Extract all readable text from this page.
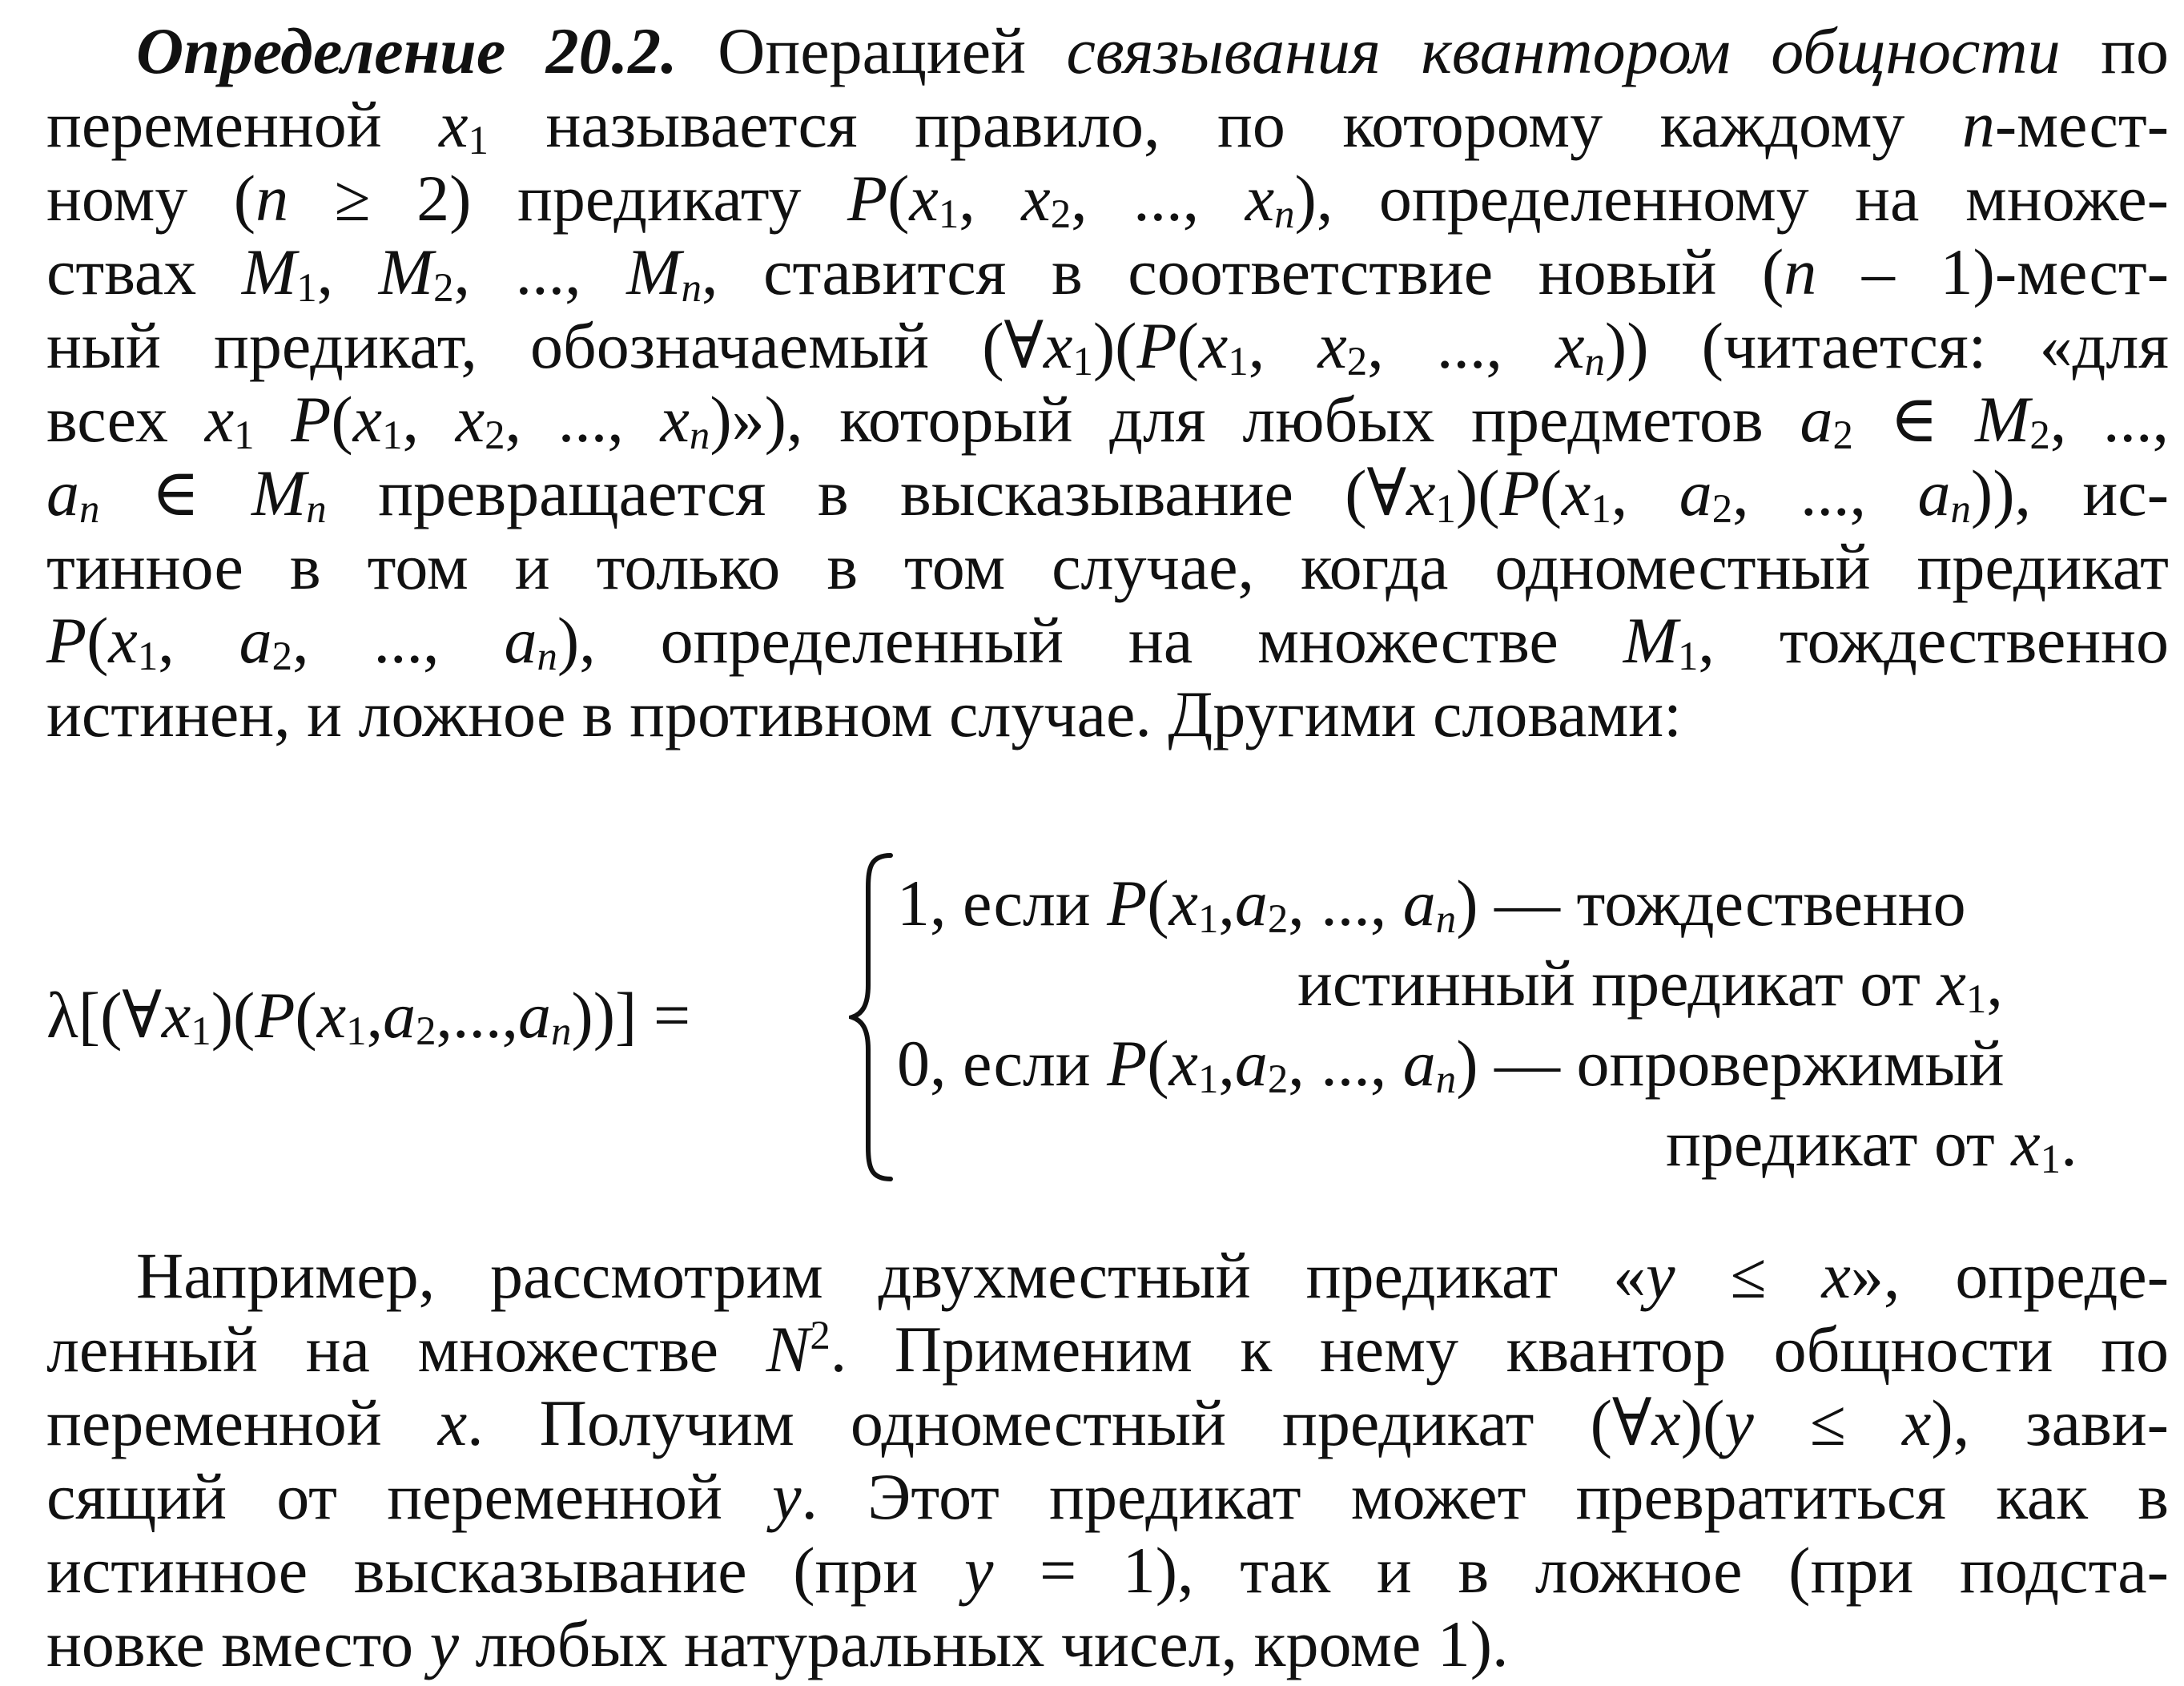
Определение 20.2. Операцией связывания квантором общности по
переменной $x_1$ называется правило, по которому каждому n-мест-
ному (n ≥ 2) предикату $P(x_1$, $x_2$, ..., $x_n$), определенному на множе-
ствах $M_1$, $M_2$, ..., $M_n$, ставится в соответствие новый (n – 1)-мест-
ный предикат, обозначаемый $(\forall x_1)(P(x_1$, $x_2$, ..., $x_n$)) (читается: «для
всех $x_1$ $P(x_1$, $x_2$, ..., $x_n$)»), который для любых предметов $a_2$ ∈ $M_2$, ...,
$a_n$ ∈ $M_n$ превращается в высказывание $(\forall x_1)(P(x_1$, $a_2$, ..., $a_n$)), ис-
тинное в том и только в том случае, когда одноместный предикат
$P(x_1$, $a_2$, ..., $a_n$), определенный на множестве $M_1$, тождественно
истинен, и ложное в противном случае. Другими словами:
$\lambda[(\forall x_1)(P(x_1,a_2,...,a_n))]$ =
1, если $P(x_1,a_2$, ..., $a_n$) — тождественно
истинный предикат от $x_1$,
0, если $P(x_1,a_2$, ..., $a_n$) — опровержимый
предикат от $x_1$.
Например, рассмотрим двухместный предикат «y ≤ x», опреде-
ленный на множестве $N^2$. Применим к нему квантор общности по
переменной x. Получим одноместный предикат (∀x)(y ≤ x), зави-
сящий от переменной y. Этот предикат может превратиться как в
истинное высказывание (при y = 1), так и в ложное (при подста-
новке вместо y любых натуральных чисел, кроме 1).
